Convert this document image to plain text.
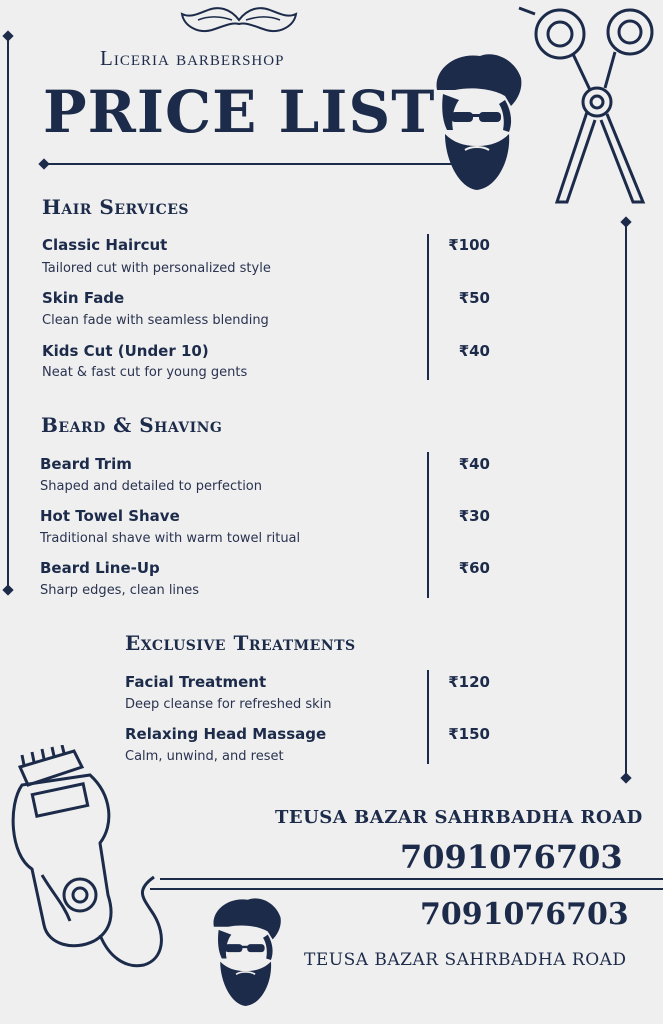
Liceria barbershop
PRICE LIST
Hair Services
Classic Haircut
Tailored cut with personalized style
₹100
Skin Fade
Clean fade with seamless blending
₹50
Kids Cut (Under 10)
Neat & fast cut for young gents
₹40
Beard & Shaving
Beard Trim
Shaped and detailed to perfection
₹40
Hot Towel Shave
Traditional shave with warm towel ritual
₹30
Beard Line-Up
Sharp edges, clean lines
₹60
Exclusive Treatments
Facial Treatment
Deep cleanse for refreshed skin
₹120
Relaxing Head Massage
Calm, unwind, and reset
₹150
TEUSA BAZAR SAHRBADHA ROAD
7091076703
7091076703
TEUSA BAZAR SAHRBADHA ROAD
